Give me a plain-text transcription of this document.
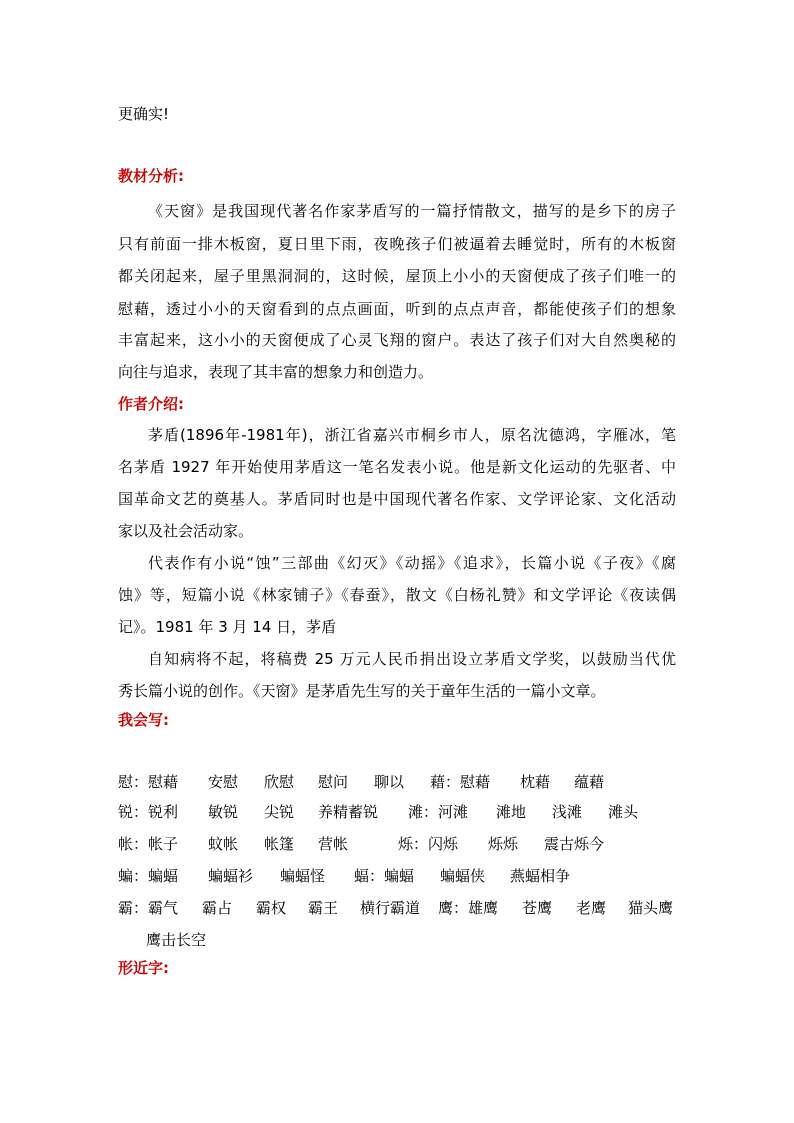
更确实!
教材分析:
《天窗》是我国现代著名作家茅盾写的一篇抒情散文，描写的是乡下的房子
只有前面一排木板窗，夏日里下雨，夜晚孩子们被逼着去睡觉时，所有的木板窗
都关闭起来，屋子里黑洞洞的，这时候，屋顶上小小的天窗便成了孩子们唯一的
慰藉，透过小小的天窗看到的点点画面，听到的点点声音，都能使孩子们的想象
丰富起来，这小小的天窗便成了心灵飞翔的窗户。表达了孩子们对大自然奥秘的
向往与追求，表现了其丰富的想象力和创造力。
作者介绍:
茅盾(1896年-1981年)，浙江省嘉兴市桐乡市人，原名沈德鸿，字雁冰，笔
名茅盾 1927 年开始使用茅盾这一笔名发表小说。他是新文化运动的先驱者、中
国革命文艺的奠基人。茅盾同时也是中国现代著名作家、文学评论家、文化活动
家以及社会活动家。
代表作有小说“蚀”三部曲《幻灭》《动摇》《追求》，长篇小说《子夜》《腐
蚀》等，短篇小说《林家铺子》《春蚕》，散文《白杨礼赞》和文学评论《夜读偶
记》。1981 年 3 月 14 日，茅盾
自知病将不起，将稿费 25 万元人民币捐出设立茅盾文学奖，以鼓励当代优
秀长篇小说的创作。《天窗》是茅盾先生写的关于童年生活的一篇小文章。
我会写:
慰：慰藉 安慰 欣慰 慰问 聊以 藉：慰藉 枕藉 蕴藉
锐：锐利 敏锐 尖锐 养精蓄锐 滩：河滩 滩地 浅滩 滩头
帐：帐子 蚊帐 帐篷 营帐	烁：闪烁 烁烁 震古烁今
蝙：蝙蝠 蝙蝠衫 蝙蝠怪 蝠：蝙蝠 蝙蝠侠 燕蝠相争
霸：霸气 霸占 霸权 霸王 横行霸道 鹰：雄鹰 苍鹰 老鹰 猫头鹰
鹰击长空
形近字:
